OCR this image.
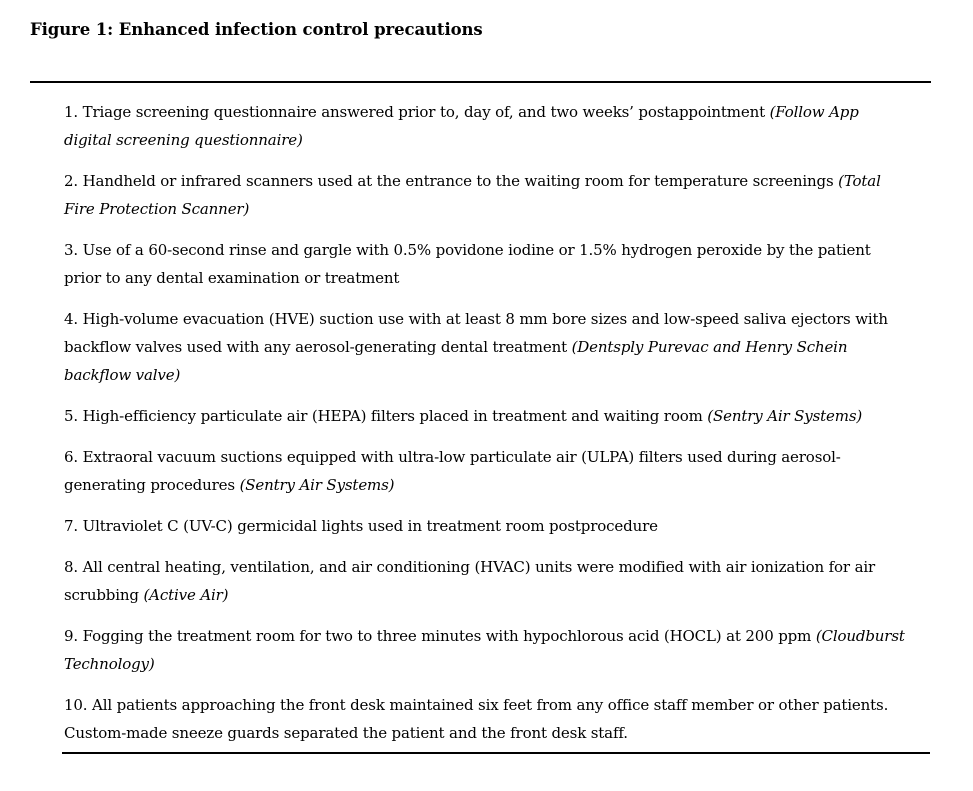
Figure 1: Enhanced infection control precautions

1. Triage screening questionnaire answered prior to, day of, and two weeks’ postappointment (Follow App digital screening questionnaire)

2. Handheld or infrared scanners used at the entrance to the waiting room for temperature screenings (Total Fire Protection Scanner)

3. Use of a 60-second rinse and gargle with 0.5% povidone iodine or 1.5% hydrogen peroxide by the patient prior to any dental examination or treatment

4. High-volume evacuation (HVE) suction use with at least 8 mm bore sizes and low-speed saliva ejectors with backflow valves used with any aerosol-generating dental treatment (Dentsply Purevac and Henry Schein backflow valve)

5. High-efficiency particulate air (HEPA) filters placed in treatment and waiting room (Sentry Air Systems)

6. Extraoral vacuum suctions equipped with ultra-low particulate air (ULPA) filters used during aerosol-generating procedures (Sentry Air Systems)

7. Ultraviolet C (UV-C) germicidal lights used in treatment room postprocedure

8. All central heating, ventilation, and air conditioning (HVAC) units were modified with air ionization for air scrubbing (Active Air)

9. Fogging the treatment room for two to three minutes with hypochlorous acid (HOCL) at 200 ppm (Cloudburst Technology)

10. All patients approaching the front desk maintained six feet from any office staff member or other patients. Custom-made sneeze guards separated the patient and the front desk staff.
